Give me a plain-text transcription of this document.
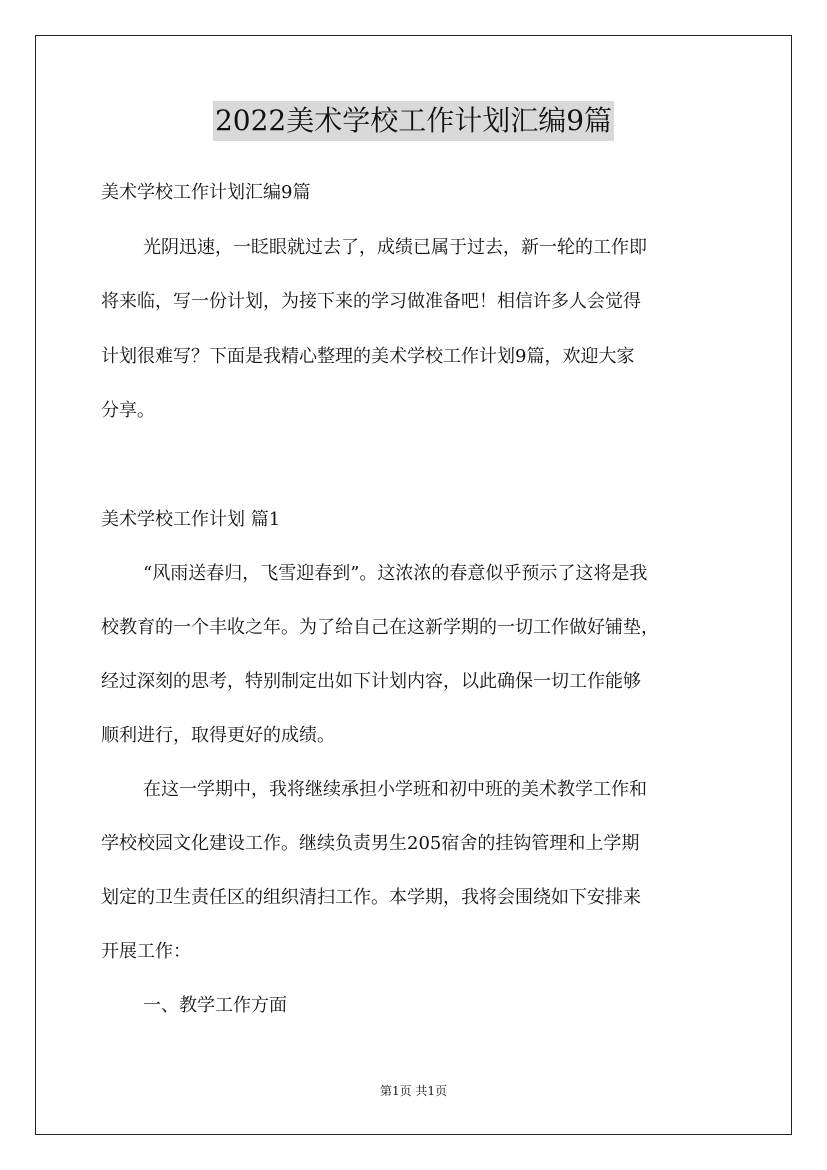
2022美术学校工作计划汇编9篇
美术学校工作计划汇编9篇
光阴迅速，一眨眼就过去了，成绩已属于过去，新一轮的工作即
将来临，写一份计划，为接下来的学习做准备吧！相信许多人会觉得
计划很难写？下面是我精心整理的美术学校工作计划9篇，欢迎大家
分享。
美术学校工作计划 篇1
“风雨送春归，飞雪迎春到”。这浓浓的春意似乎预示了这将是我
校教育的一个丰收之年。为了给自己在这新学期的一切工作做好铺垫，
经过深刻的思考，特别制定出如下计划内容，以此确保一切工作能够
顺利进行，取得更好的成绩。
在这一学期中，我将继续承担小学班和初中班的美术教学工作和
学校校园文化建设工作。继续负责男生205宿舍的挂钩管理和上学期
划定的卫生责任区的组织清扫工作。本学期，我将会围绕如下安排来
开展工作：
一、教学工作方面
第1页 共1页
